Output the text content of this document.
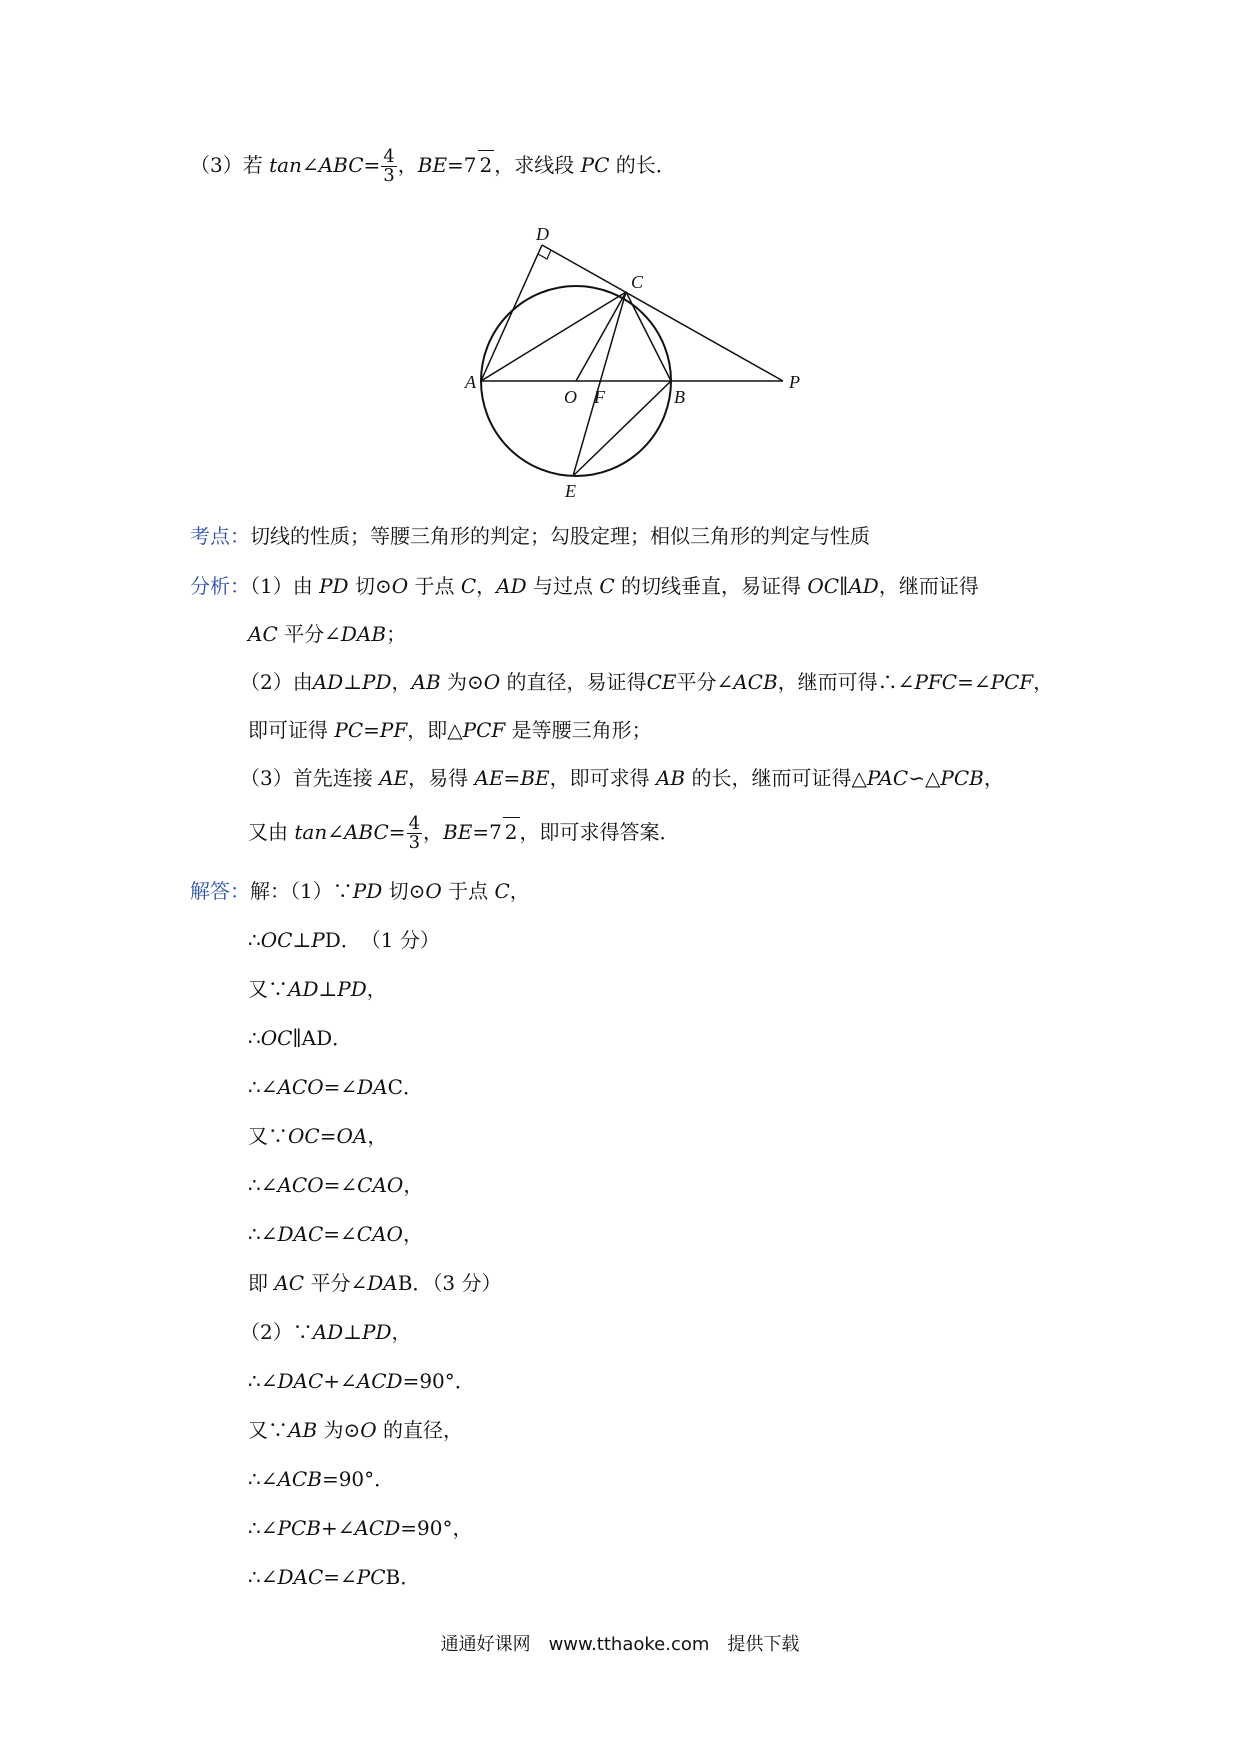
（3）若 tan∠ABC= $\frac{4}{3}$ ，BE=7 2 ，求线段 PC 的长．
D
C
A
O F	B
P
E
考点：切线的性质；等腰三角形的判定；勾股定理；相似三角形的判定与性质
分析：（1）由 PD 切⊙O 于点 C，AD 与过点 C 的切线垂直，易证得 OC∥AD，继而证得
AC 平分∠DAB；
（2）由AD⊥PD，AB 为⊙O 的直径，易证得CE平分∠ACB，继而可得∴∠PFC=∠PCF，
即可证得 PC=PF，即△PCF 是等腰三角形；
（3）首先连接 AE，易得 AE=BE，即可求得 AB 的长，继而可证得△PAC∽△PCB，
又由 tan∠ABC= $\frac{4}{3}$ ，BE=7 2 ，即可求得答案．
解答：解：（1）∵PD 切⊙O 于点 C，
∴OC⊥PD．　（1 分）
又∵AD⊥PD，
∴OC∥AD．
∴∠ACO=∠DAC．
又∵OC=OA，
∴∠ACO=∠CAO，
∴∠DAC=∠CAO，
即 AC 平分∠DAB．（3 分）
（2）∵AD⊥PD，
∴∠DAC+∠ACD=90°．
又∵AB 为⊙O 的直径，
∴∠ACB=90°．
∴∠PCB+∠ACD=90°，
∴∠DAC=∠PCB．
通通好课网　www.tthaoke.com　提供下载
